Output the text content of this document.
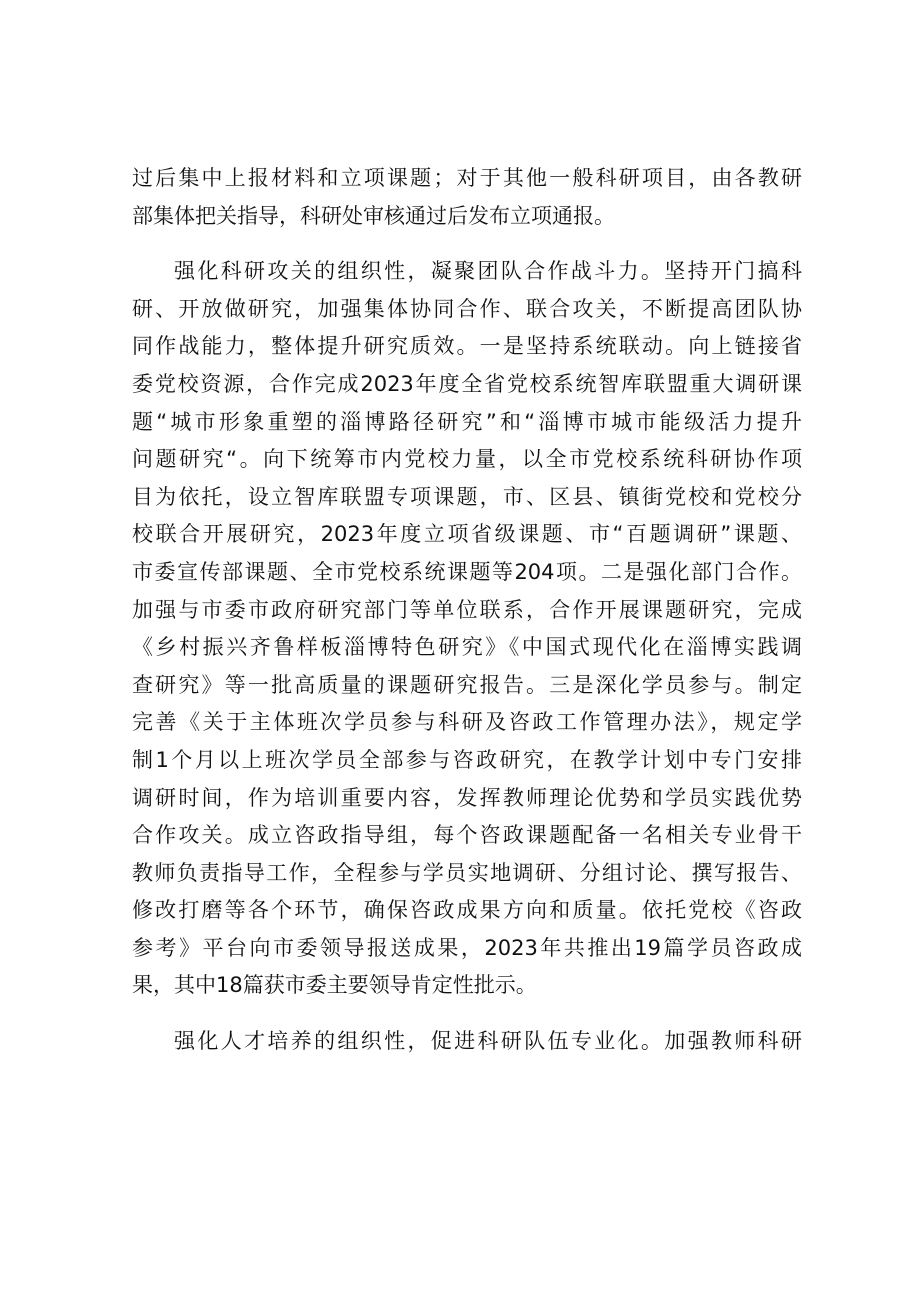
过后集中上报材料和立项课题；对于其他一般科研项目，由各教研
部集体把关指导，科研处审核通过后发布立项通报。
强化科研攻关的组织性，凝聚团队合作战斗力。坚持开门搞科
研、开放做研究，加强集体协同合作、联合攻关，不断提高团队协
同作战能力，整体提升研究质效。一是坚持系统联动。向上链接省
委党校资源，合作完成2023年度全省党校系统智库联盟重大调研课
题“城市形象重塑的淄博路径研究”和“淄博市城市能级活力提升
问题研究“。向下统筹市内党校力量，以全市党校系统科研协作项
目为依托，设立智库联盟专项课题，市、区县、镇街党校和党校分
校联合开展研究，2023年度立项省级课题、市“百题调研”课题、
市委宣传部课题、全市党校系统课题等204项。二是强化部门合作。
加强与市委市政府研究部门等单位联系，合作开展课题研究，完成
《乡村振兴齐鲁样板淄博特色研究》《中国式现代化在淄博实践调
查研究》等一批高质量的课题研究报告。三是深化学员参与。制定
完善《关于主体班次学员参与科研及咨政工作管理办法》，规定学
制1个月以上班次学员全部参与咨政研究，在教学计划中专门安排
调研时间，作为培训重要内容，发挥教师理论优势和学员实践优势
合作攻关。成立咨政指导组，每个咨政课题配备一名相关专业骨干
教师负责指导工作，全程参与学员实地调研、分组讨论、撰写报告、
修改打磨等各个环节，确保咨政成果方向和质量。依托党校《咨政
参考》平台向市委领导报送成果，2023年共推出19篇学员咨政成
果，其中18篇获市委主要领导肯定性批示。
强化人才培养的组织性，促进科研队伍专业化。加强教师科研
